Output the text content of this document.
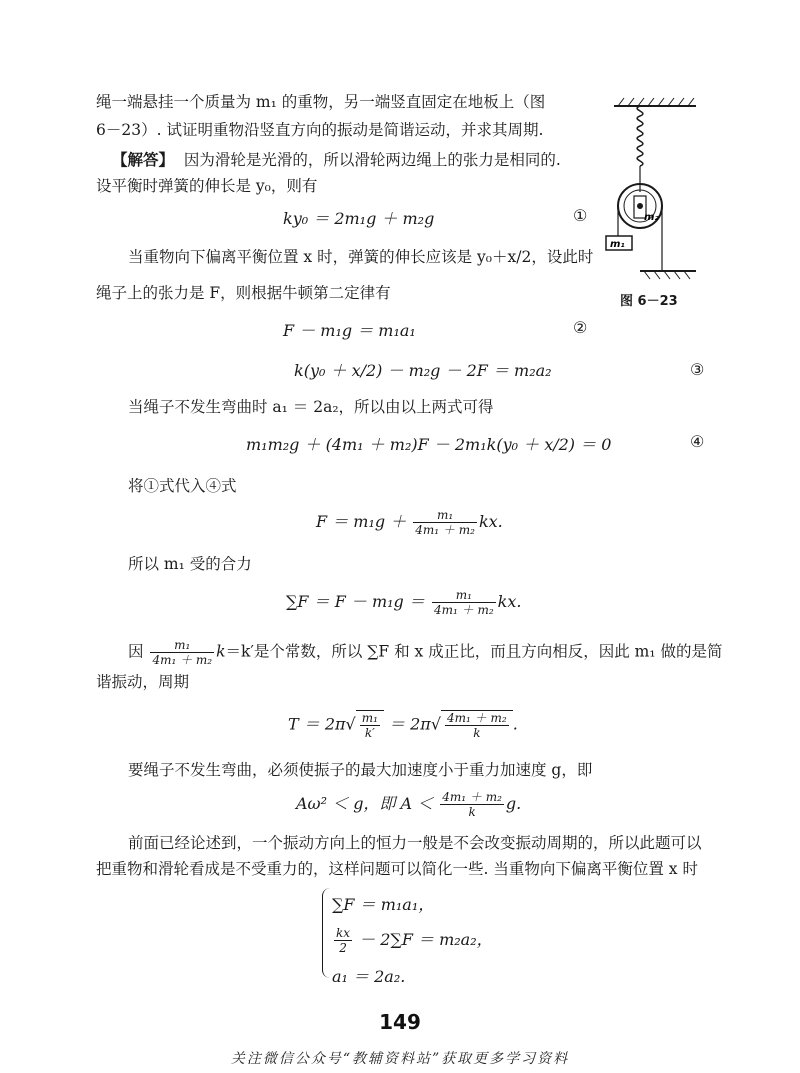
绳一端悬挂一个质量为 m₁ 的重物，另一端竖直固定在地板上（图
6－23）. 试证明重物沿竖直方向的振动是简谐运动，并求其周期.
【解答】 因为滑轮是光滑的，所以滑轮两边绳上的张力是相同的.
设平衡时弹簧的伸长是 y₀，则有
ky₀ ＝ 2m₁g ＋ m₂g	①
当重物向下偏离平衡位置 x 时，弹簧的伸长应该是 y₀＋x/2，设此时
绳子上的张力是 F，则根据牛顿第二定律有
F － m₁g ＝ m₁a₁	②
k(y₀ ＋ x/2) － m₂g － 2F ＝ m₂a₂	③
当绳子不发生弯曲时 a₁ ＝ 2a₂，所以由以上两式可得
m₁m₂g ＋ (4m₁ ＋ m₂)F － 2m₁k(y₀ ＋ x/2) ＝ 0	④
将①式代入④式
$F = m_1g + \frac{\text{m₁}}{\text{4m₁ ＋ m₂}}$ kx.
所以 m₁ 受的合力
$\sum F = F - m_1g = \frac{\text{m₁}}{\text{4m₁ ＋ m₂}}$ kx.
因 $\frac{\text{m₁}}{\text{4m₁ ＋ m₂}} k=k'$是个常数，所以 ∑F 和 x 成正比，而且方向相反，因此 m₁ 做的是简
谐振动，周期
$T = 2\pi√ \frac{\text{m₁}}{k'} = 2\pi√ \frac{\text{4m₁ ＋ m₂}}{k}$ .
要绳子不发生弯曲，必须使振子的最大加速度小于重力加速度 g，即
Aω² ＜ g，即 $A < \frac{\text{4m₁ ＋ m₂}}{k} g$.
前面已经论述到，一个振动方向上的恒力一般是不会改变振动周期的，所以此题可以
把重物和滑轮看成是不受重力的，这样问题可以简化一些. 当重物向下偏离平衡位置 x 时
∑F ＝ m₁a₁，
$\frac{kx}{2} - 2\sum F = m_2a_2$，
a₁ ＝ 2a₂.
m₂
m₁
图 6－23
149
关注微信公众号“教辅资料站”获取更多学习资料
